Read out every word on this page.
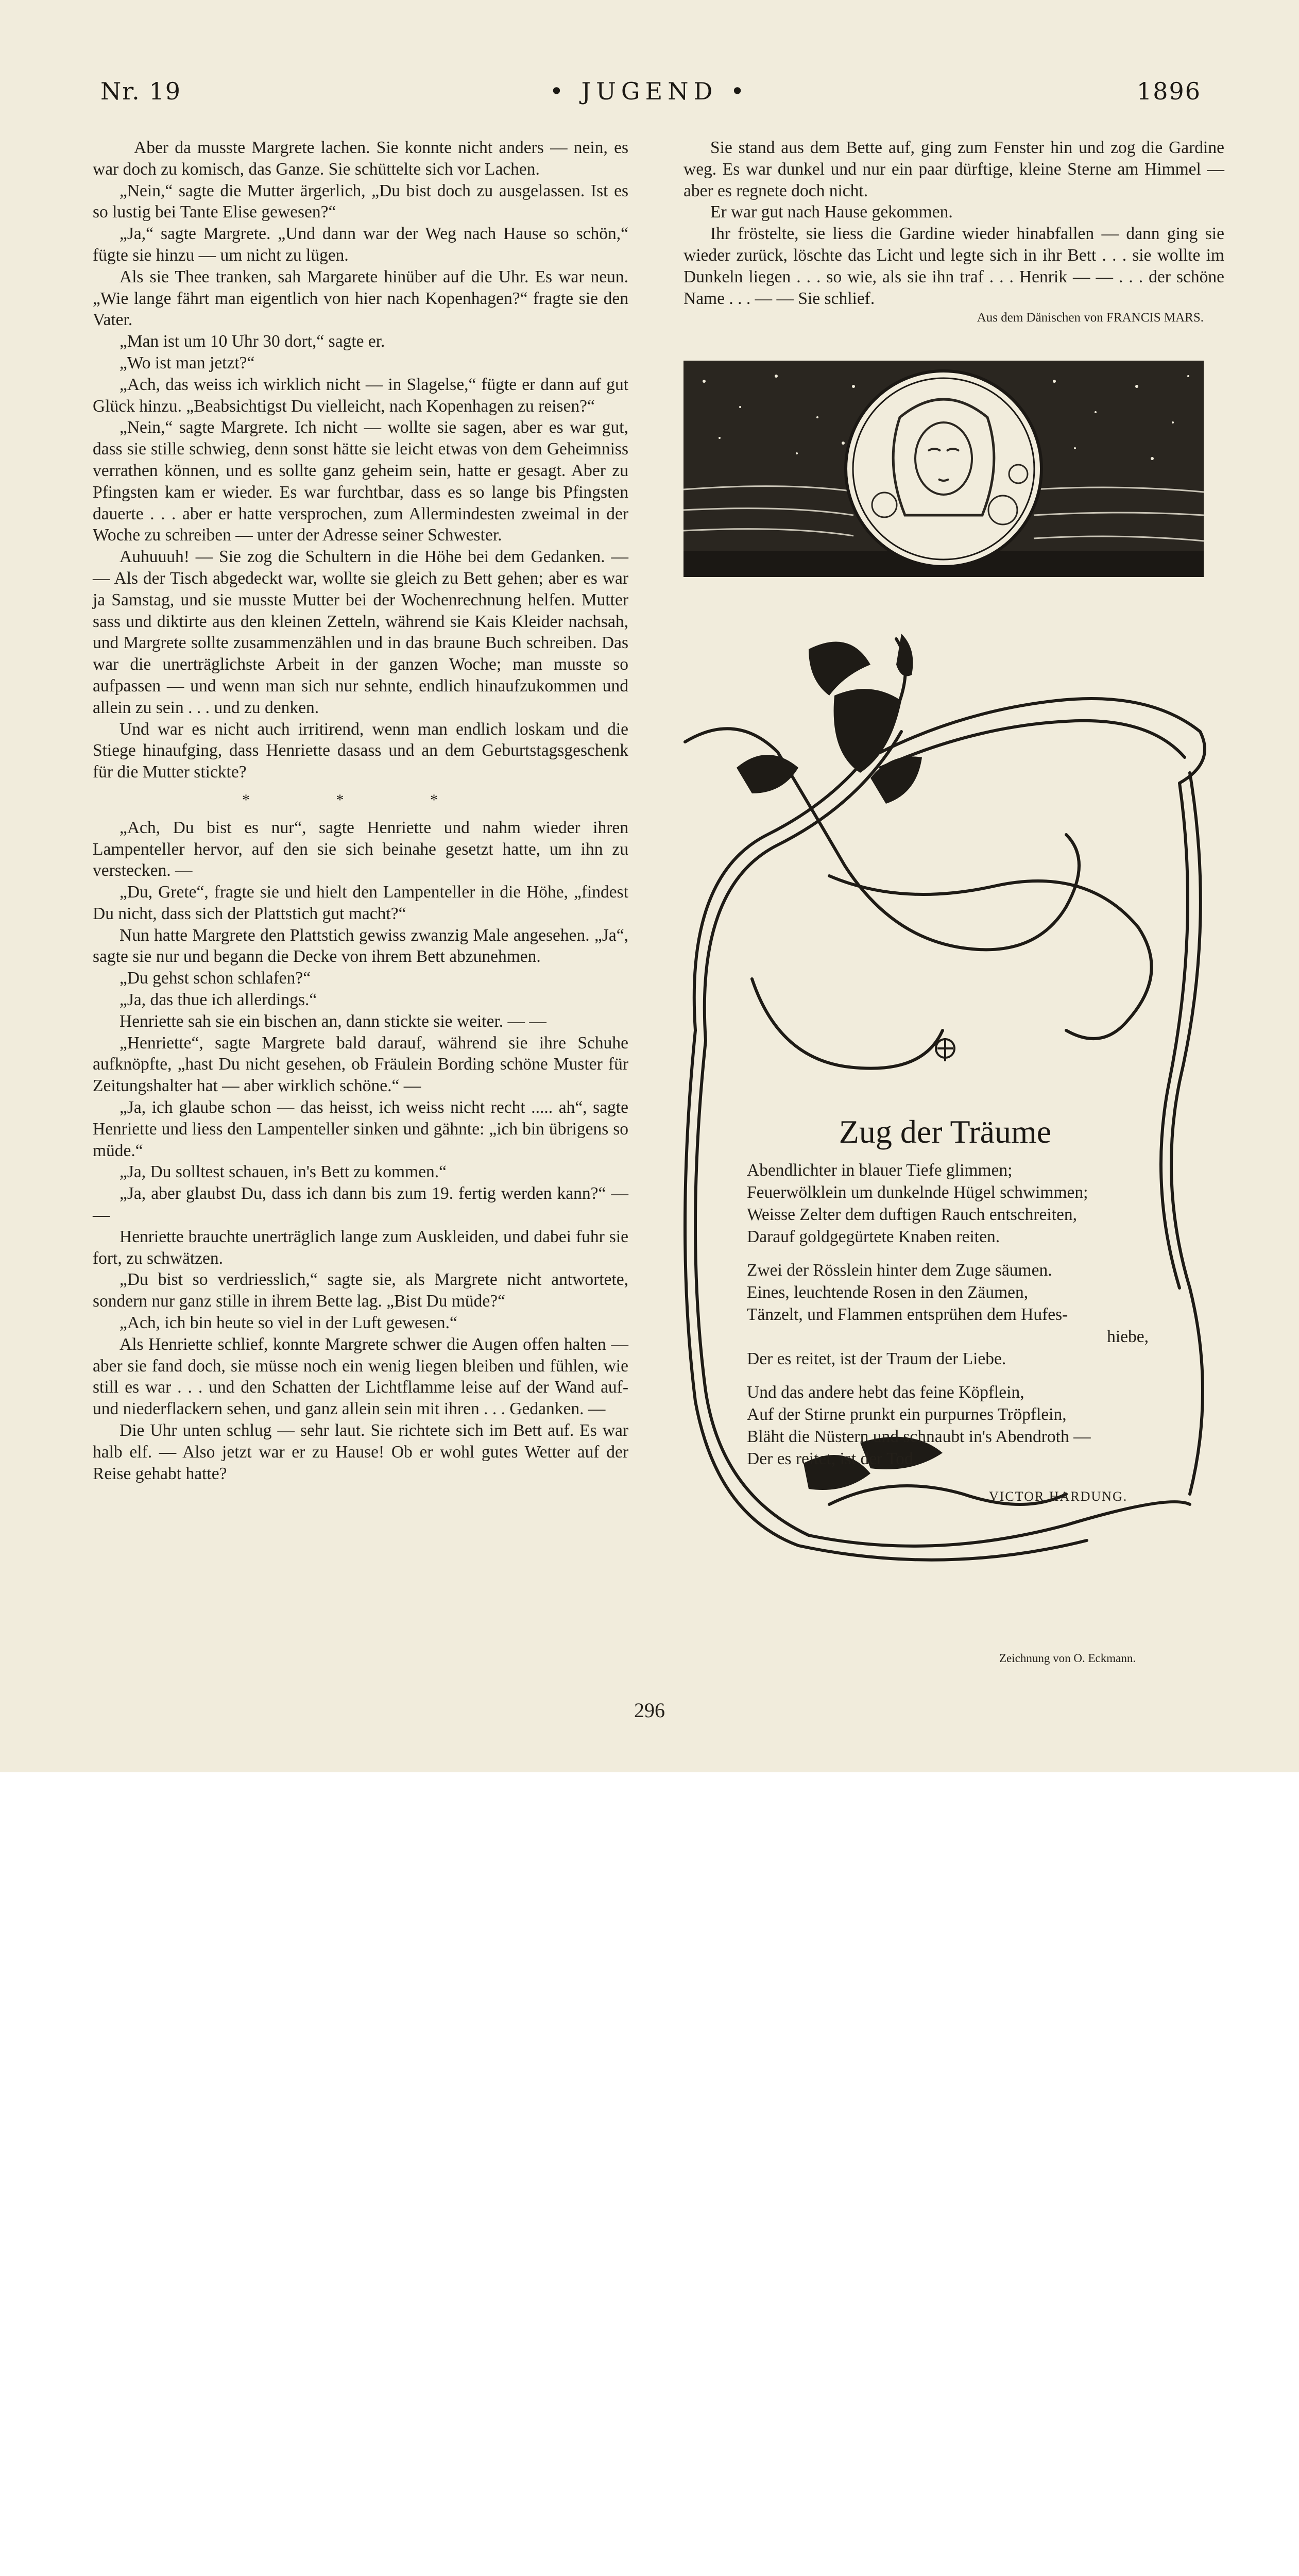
Nr. 19	• JUGEND •	1896

Aber da musste Margrete lachen. Sie konnte nicht anders — nein, es war doch zu komisch, das Ganze. Sie schüttelte sich vor Lachen.

„Nein,“ sagte die Mutter ärgerlich, „Du bist doch zu ausgelassen. Ist es so lustig bei Tante Elise gewesen?“

„Ja,“ sagte Margrete. „Und dann war der Weg nach Hause so schön,“ fügte sie hinzu — um nicht zu lügen.

Als sie Thee tranken, sah Margarete hinüber auf die Uhr. Es war neun. „Wie lange fährt man eigentlich von hier nach Kopenhagen?“ fragte sie den Vater.

„Man ist um 10 Uhr 30 dort,“ sagte er.

„Wo ist man jetzt?“

„Ach, das weiss ich wirklich nicht — in Slagelse,“ fügte er dann auf gut Glück hinzu. „Beabsichtigst Du vielleicht, nach Kopenhagen zu reisen?“

„Nein,“ sagte Margrete. Ich nicht — wollte sie sagen, aber es war gut, dass sie stille schwieg, denn sonst hätte sie leicht etwas von dem Geheimniss verrathen können, und es sollte ganz geheim sein, hatte er gesagt. Aber zu Pfingsten kam er wieder. Es war furchtbar, dass es so lange bis Pfingsten dauerte . . . aber er hatte versprochen, zum Allermindesten zweimal in der Woche zu schreiben — unter der Adresse seiner Schwester.

Auhuuuh! — Sie zog die Schultern in die Höhe bei dem Gedanken. — — Als der Tisch abgedeckt war, wollte sie gleich zu Bett gehen; aber es war ja Samstag, und sie musste Mutter bei der Wochenrechnung helfen. Mutter sass und diktirte aus den kleinen Zetteln, während sie Kais Kleider nachsah, und Margrete sollte zusammenzählen und in das braune Buch schreiben. Das war die unerträglichste Arbeit in der ganzen Woche; man musste so aufpassen — und wenn man sich nur sehnte, endlich hinaufzukommen und allein zu sein . . . und zu denken.

Und war es nicht auch irritirend, wenn man endlich loskam und die Stiege hinaufging, dass Henriette dasass und an dem Geburtstagsgeschenk für die Mutter stickte?

* * *

„Ach, Du bist es nur“, sagte Henriette und nahm wieder ihren Lampenteller hervor, auf den sie sich beinahe gesetzt hatte, um ihn zu verstecken. —

„Du, Grete“, fragte sie und hielt den Lampenteller in die Höhe, „findest Du nicht, dass sich der Plattstich gut macht?“

Nun hatte Margrete den Plattstich gewiss zwanzig Male angesehen. „Ja“, sagte sie nur und begann die Decke von ihrem Bett abzunehmen.

„Du gehst schon schlafen?“

„Ja, das thue ich allerdings.“

Henriette sah sie ein bischen an, dann stickte sie weiter. — —

„Henriette“, sagte Margrete bald darauf, während sie ihre Schuhe aufknöpfte, „hast Du nicht gesehen, ob Fräulein Bording schöne Muster für Zeitungshalter hat — aber wirklich schöne.“ —

„Ja, ich glaube schon — das heisst, ich weiss nicht recht ..... ah“, sagte Henriette und liess den Lampenteller sinken und gähnte: „ich bin übrigens so müde.“

„Ja, Du solltest schauen, in's Bett zu kommen.“

„Ja, aber glaubst Du, dass ich dann bis zum 19. fertig werden kann?“ — —

Henriette brauchte unerträglich lange zum Auskleiden, und dabei fuhr sie fort, zu schwätzen.

„Du bist so verdriesslich,“ sagte sie, als Margrete nicht antwortete, sondern nur ganz stille in ihrem Bette lag. „Bist Du müde?“

„Ach, ich bin heute so viel in der Luft gewesen.“

Als Henriette schlief, konnte Margrete schwer die Augen offen halten — aber sie fand doch, sie müsse noch ein wenig liegen bleiben und fühlen, wie still es war . . . und den Schatten der Lichtflamme leise auf der Wand auf- und niederflackern sehen, und ganz allein sein mit ihren . . . Gedanken. —

Die Uhr unten schlug — sehr laut. Sie richtete sich im Bett auf. Es war halb elf. — Also jetzt war er zu Hause! Ob er wohl gutes Wetter auf der Reise gehabt hatte?

Sie stand aus dem Bette auf, ging zum Fenster hin und zog die Gardine weg. Es war dunkel und nur ein paar dürftige, kleine Sterne am Himmel — aber es regnete doch nicht.

Er war gut nach Hause gekommen.

Ihr fröstelte, sie liess die Gardine wieder hinabfallen — dann ging sie wieder zurück, löschte das Licht und legte sich in ihr Bett . . . sie wollte im Dunkeln liegen . . . so wie, als sie ihn traf . . . Henrik — — . . . der schöne Name . . . — — Sie schlief.

Aus dem Dänischen von FRANCIS MARS.
Zug der Träume
Abendlichter in blauer Tiefe glimmen;
Feuerwölklein um dunkelnde Hügel schwimmen;
Weisse Zelter dem duftigen Rauch entschreiten,
Darauf goldgegürtete Knaben reiten.
Zwei der Rösslein hinter dem Zuge säumen.
Eines, leuchtende Rosen in den Zäumen,
Tänzelt, und Flammen entsprühen dem Hufes-
hiebe,
Der es reitet, ist der Traum der Liebe.
Und das andere hebt das feine Köpflein,
Auf der Stirne prunkt ein purpurnes Tröpflein,
Bläht die Nüstern und schnaubt in's Abendroth —
Der es reitet, ist der Tod.
VICTOR HARDUNG.
Zeichnung von O. Eckmann.
296
